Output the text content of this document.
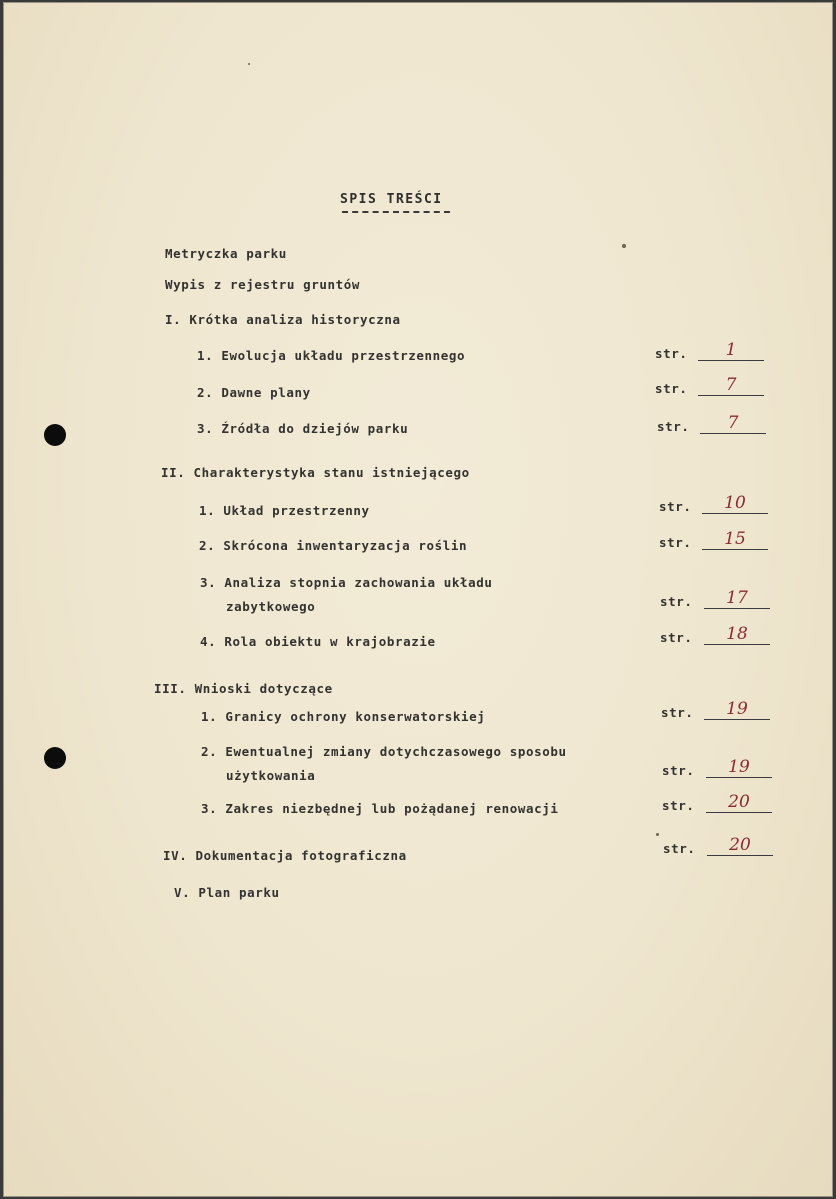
SPIS TREŚCI
Metryczka parku
Wypis z rejestru gruntów
I. Krótka analiza historyczna
1. Ewolucja układu przestrzennego	str.	1
2. Dawne plany	str.	7
3. Źródła do dziejów parku	str.	7
II. Charakterystyka stanu istniejącego
1. Układ przestrzenny	str.	10
2. Skrócona inwentaryzacja roślin	str.	15
3. Analiza stopnia zachowania układu
zabytkowego	str.	17
4. Rola obiektu w krajobrazie	str.	18
III. Wnioski dotyczące
1. Granicy ochrony konserwatorskiej	str.	19
2. Ewentualnej zmiany dotychczasowego sposobu
użytkowania	str.	19
3. Zakres niezbędnej lub pożądanej renowacji	str.	20
IV. Dokumentacja fotograficzna	str.	20
V. Plan parku
